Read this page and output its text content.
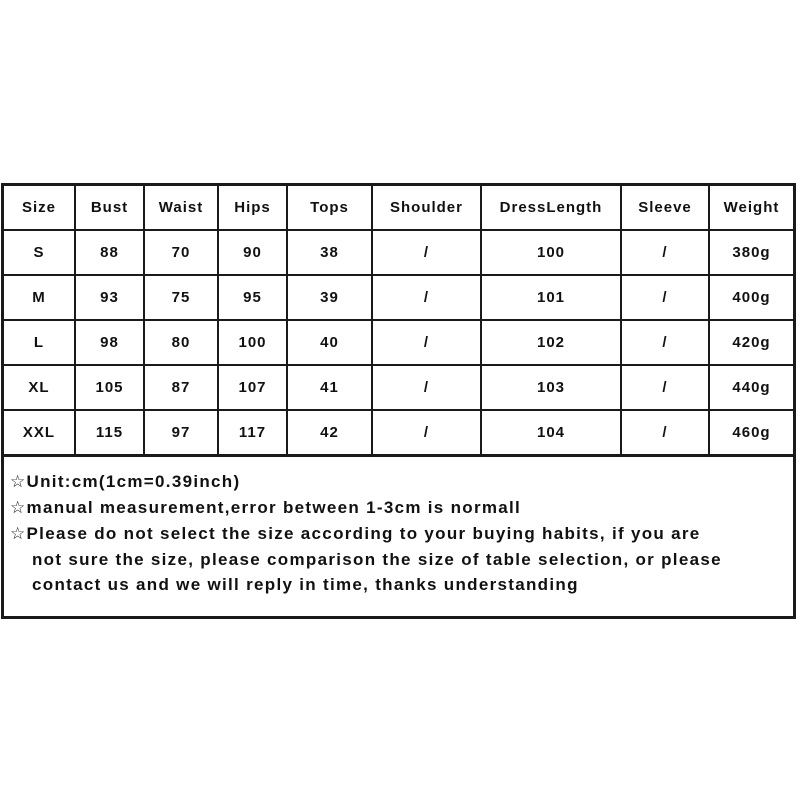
Size	Bust	Waist	Hips	Tops	Shoulder	DressLength	Sleeve	Weight
S	88	70	90	38	/	100	/	380g
M	93	75	95	39	/	101	/	400g
L	98	80	100	40	/	102	/	420g
XL	105	87	107	41	/	103	/	440g
XXL	115	97	117	42	/	104	/	460g
☆Unit:cm(1cm=0.39inch)
☆manual measurement,error between 1-3cm is normall
☆Please do not select the size according to your buying habits, if you are
not sure the size, please comparison the size of table selection, or please
contact us and we will reply in time, thanks understanding
